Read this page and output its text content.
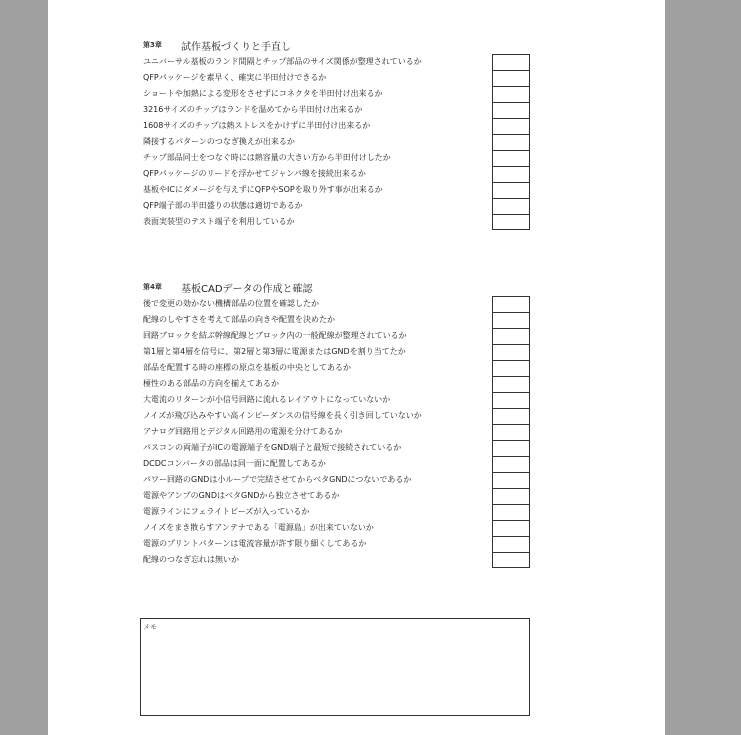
第3章 試作基板づくりと手直し
ユニバーサル基板のランド間隔とチップ部品のサイズ関係が整理されているか
QFPパッケージを素早く、確実に半田付けできるか
ショートや加熱による変形をさせずにコネクタを半田付け出来るか
3216サイズのチップはランドを温めてから半田付け出来るか
1608サイズのチップは熱ストレスをかけずに半田付け出来るか
隣接するパターンのつなぎ換えが出来るか
チップ部品同士をつなぐ時には熱容量の大きい方から半田付けしたか
QFPパッケージのリードを浮かせてジャンパ線を接続出来るか
基板やICにダメージを与えずにQFPやSOPを取り外す事が出来るか
QFP端子部の半田盛りの状態は適切であるか
表面実装型のテスト端子を利用しているか
第4章 基板CADデータの作成と確認
後で変更の効かない機構部品の位置を確認したか
配線のしやすさを考えて部品の向きや配置を決めたか
回路ブロックを結ぶ幹線配線とブロック内の一般配線が整理されているか
第1層と第4層を信号に、第2層と第3層に電源またはGNDを割り当てたか
部品を配置する時の座標の原点を基板の中央としてあるか
極性のある部品の方向を揃えてあるか
大電流のリターンが小信号回路に流れるレイアウトになっていないか
ノイズが飛び込みやすい高インピーダンスの信号線を長く引き回していないか
アナログ回路用とデジタル回路用の電源を分けてあるか
パスコンの両端子がICの電源端子をGND端子と最短で接続されているか
DCDCコンバータの部品は同一面に配置してあるか
パワー回路のGNDは小ループで完結させてからベタGNDにつないであるか
電源やアンプのGNDはベタGNDから独立させてあるか
電源ラインにフェライトビーズが入っているか
ノイズをまき散らすアンテナである「電源島」が出来ていないか
電源のプリントパターンは電流容量が許す限り細くしてあるか
配線のつなぎ忘れは無いか
メモ
